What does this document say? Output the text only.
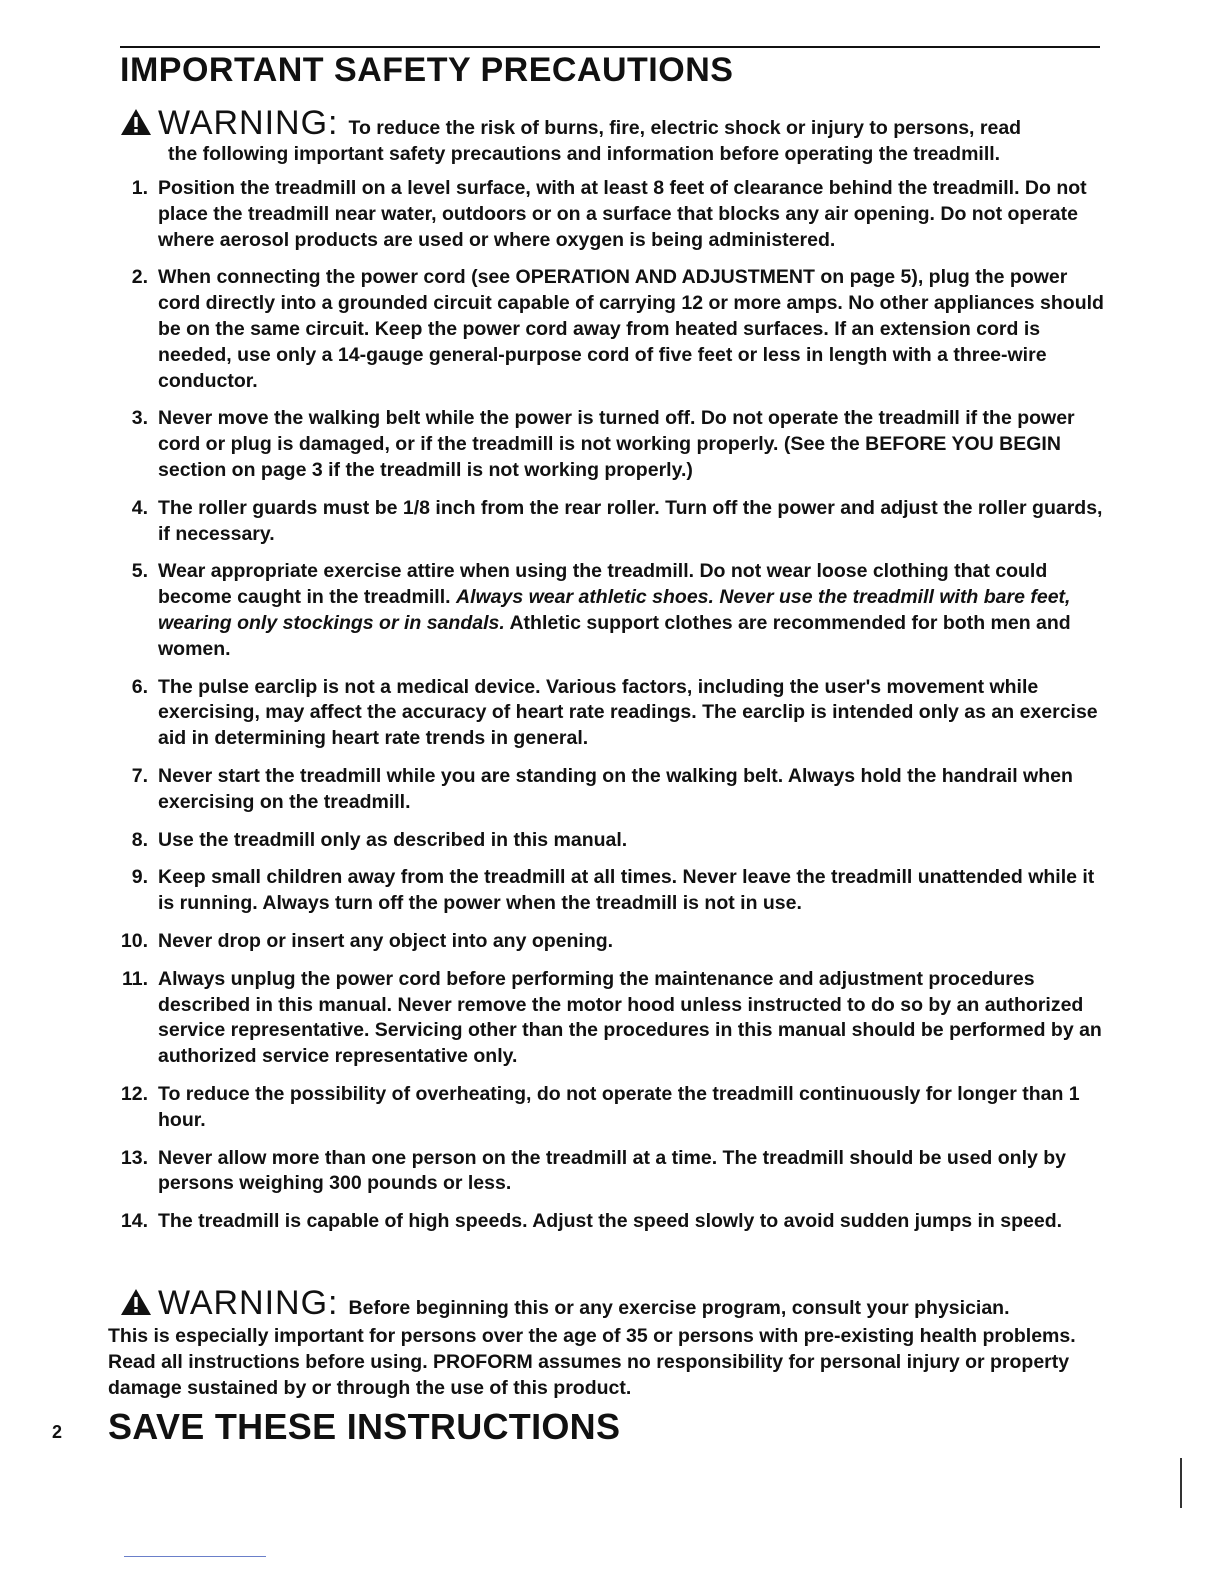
IMPORTANT SAFETY PRECAUTIONS
WARNING: To reduce the risk of burns, fire, electric shock or injury to persons, read
the following important safety precautions and information before operating the treadmill.
1. Position the treadmill on a level surface, with at least 8 feet of clearance behind the treadmill. Do not place the treadmill near water, outdoors or on a surface that blocks any air opening. Do not operate where aerosol products are used or where oxygen is being administered.
2. When connecting the power cord (see OPERATION AND ADJUSTMENT on page 5), plug the power cord directly into a grounded circuit capable of carrying 12 or more amps. No other appliances should be on the same circuit. Keep the power cord away from heated surfaces. If an extension cord is needed, use only a 14-gauge general-purpose cord of five feet or less in length with a three-wire conductor.
3. Never move the walking belt while the power is turned off. Do not operate the treadmill if the power cord or plug is damaged, or if the treadmill is not working properly. (See the BEFORE YOU BEGIN section on page 3 if the treadmill is not working properly.)
4. The roller guards must be 1/8 inch from the rear roller. Turn off the power and adjust the roller guards, if necessary.
5. Wear appropriate exercise attire when using the treadmill. Do not wear loose clothing that could become caught in the treadmill. Always wear athletic shoes. Never use the treadmill with bare feet, wearing only stockings or in sandals. Athletic support clothes are recommended for both men and women.
6. The pulse earclip is not a medical device. Various factors, including the user's movement while exercising, may affect the accuracy of heart rate readings. The earclip is intended only as an exercise aid in determining heart rate trends in general.
7. Never start the treadmill while you are standing on the walking belt. Always hold the handrail when exercising on the treadmill.
8. Use the treadmill only as described in this manual.
9. Keep small children away from the treadmill at all times. Never leave the treadmill unattended while it is running. Always turn off the power when the treadmill is not in use.
10. Never drop or insert any object into any opening.
11. Always unplug the power cord before performing the maintenance and adjustment procedures described in this manual. Never remove the motor hood unless instructed to do so by an authorized service representative. Servicing other than the procedures in this manual should be performed by an authorized service representative only.
12. To reduce the possibility of overheating, do not operate the treadmill continuously for longer than 1 hour.
13. Never allow more than one person on the treadmill at a time. The treadmill should be used only by persons weighing 300 pounds or less.
14. The treadmill is capable of high speeds. Adjust the speed slowly to avoid sudden jumps in speed.
WARNING: Before beginning this or any exercise program, consult your physician.
This is especially important for persons over the age of 35 or persons with pre-existing health problems. Read all instructions before using. PROFORM assumes no responsibility for personal injury or property damage sustained by or through the use of this product.
2 SAVE THESE INSTRUCTIONS
